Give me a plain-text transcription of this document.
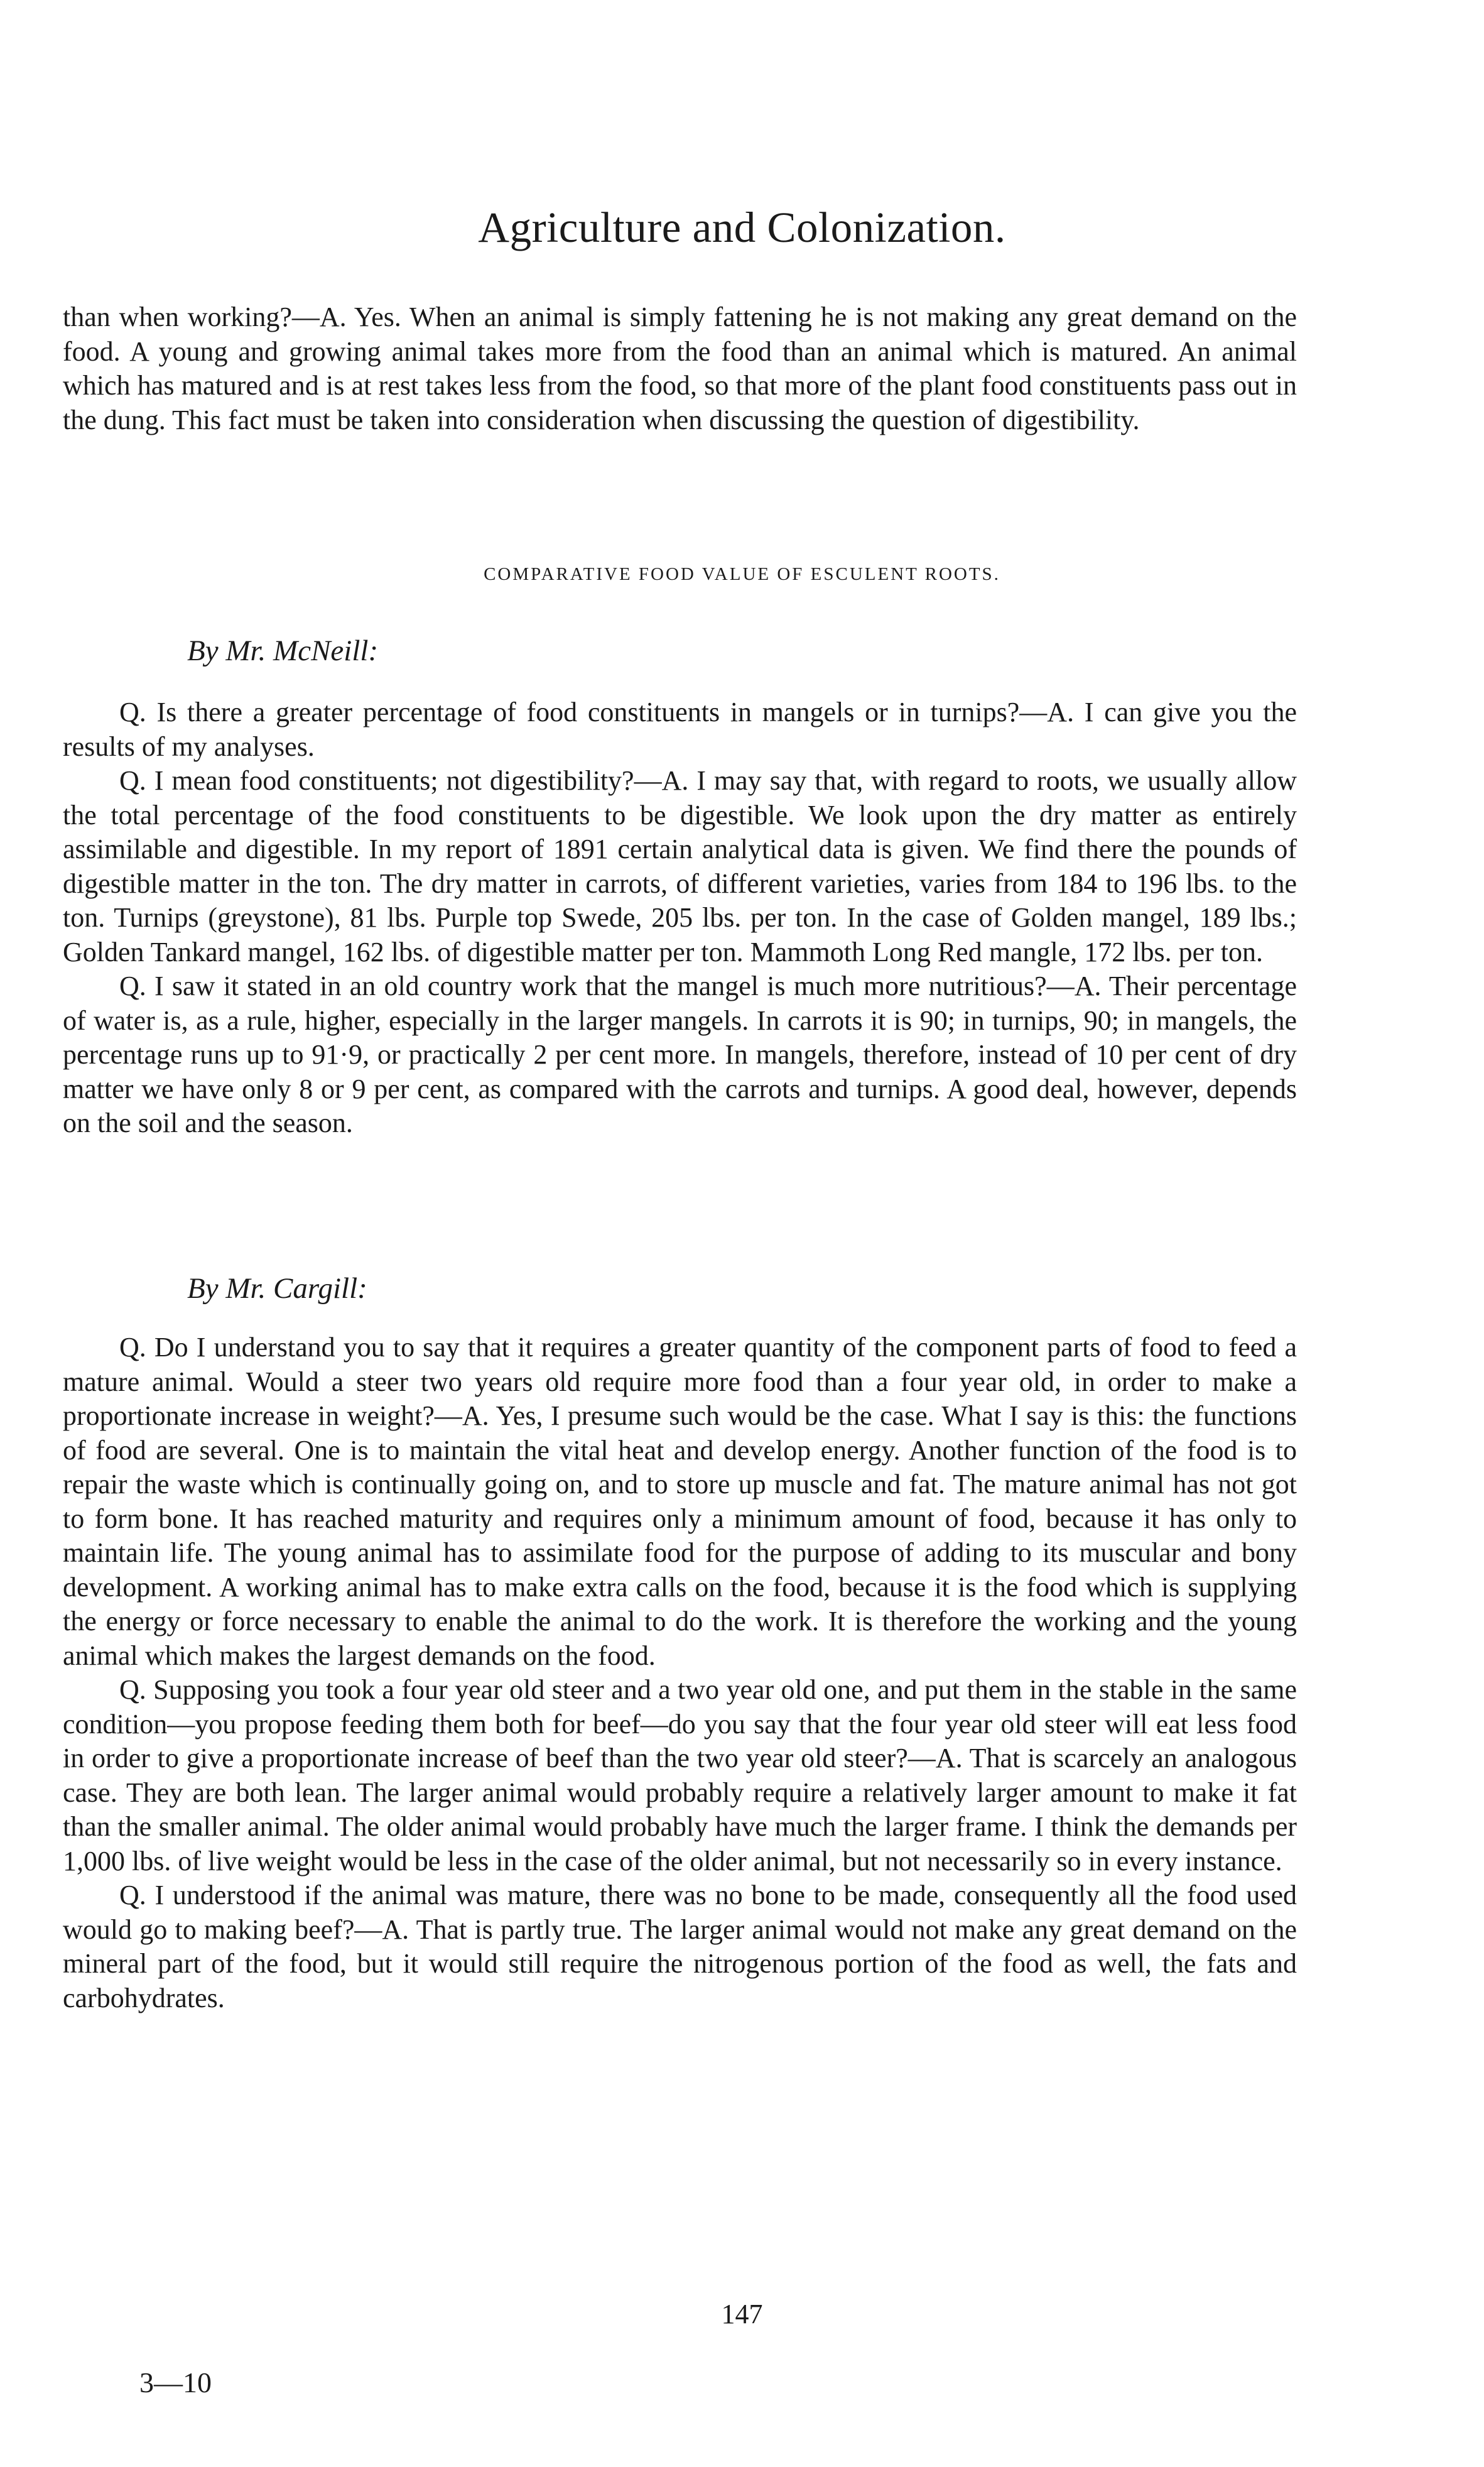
Agriculture and Colonization.

than when working?—A. Yes. When an animal is simply fattening he is not making any great demand on the food. A young and growing animal takes more from the food than an animal which is matured. An animal which has matured and is at rest takes less from the food, so that more of the plant food constituents pass out in the dung. This fact must be taken into consideration when discussing the question of digestibility.

COMPARATIVE FOOD VALUE OF ESCULENT ROOTS.
By Mr. McNeill:

Q. Is there a greater percentage of food constituents in mangels or in turnips?—A. I can give you the results of my analyses.

Q. I mean food constituents; not digestibility?—A. I may say that, with regard to roots, we usually allow the total percentage of the food constituents to be digestible. We look upon the dry matter as entirely assimilable and digestible. In my report of 1891 certain analytical data is given. We find there the pounds of digestible matter in the ton. The dry matter in carrots, of different varieties, varies from 184 to 196 lbs. to the ton. Turnips (greystone), 81 lbs. Purple top Swede, 205 lbs. per ton. In the case of Golden mangel, 189 lbs.; Golden Tankard mangel, 162 lbs. of digestible matter per ton. Mammoth Long Red mangle, 172 lbs. per ton.

Q. I saw it stated in an old country work that the mangel is much more nutritious?—A. Their percentage of water is, as a rule, higher, especially in the larger mangels. In carrots it is 90; in turnips, 90; in mangels, the percentage runs up to 91·9, or practically 2 per cent more. In mangels, therefore, instead of 10 per cent of dry matter we have only 8 or 9 per cent, as compared with the carrots and turnips. A good deal, however, depends on the soil and the season.

By Mr. Cargill:

Q. Do I understand you to say that it requires a greater quantity of the component parts of food to feed a mature animal. Would a steer two years old require more food than a four year old, in order to make a proportionate increase in weight?—A. Yes, I presume such would be the case. What I say is this: the functions of food are several. One is to maintain the vital heat and develop energy. Another function of the food is to repair the waste which is continually going on, and to store up muscle and fat. The mature animal has not got to form bone. It has reached maturity and requires only a minimum amount of food, because it has only to maintain life. The young animal has to assimilate food for the purpose of adding to its muscular and bony development. A working animal has to make extra calls on the food, because it is the food which is supplying the energy or force necessary to enable the animal to do the work. It is therefore the working and the young animal which makes the largest demands on the food.

Q. Supposing you took a four year old steer and a two year old one, and put them in the stable in the same condition—you propose feeding them both for beef—do you say that the four year old steer will eat less food in order to give a proportionate increase of beef than the two year old steer?—A. That is scarcely an analogous case. They are both lean. The larger animal would probably require a relatively larger amount to make it fat than the smaller animal. The older animal would probably have much the larger frame. I think the demands per 1,000 lbs. of live weight would be less in the case of the older animal, but not necessarily so in every instance.

Q. I understood if the animal was mature, there was no bone to be made, consequently all the food used would go to making beef?—A. That is partly true. The larger animal would not make any great demand on the mineral part of the food, but it would still require the nitrogenous portion of the food as well, the fats and carbohydrates.

147
3—10
